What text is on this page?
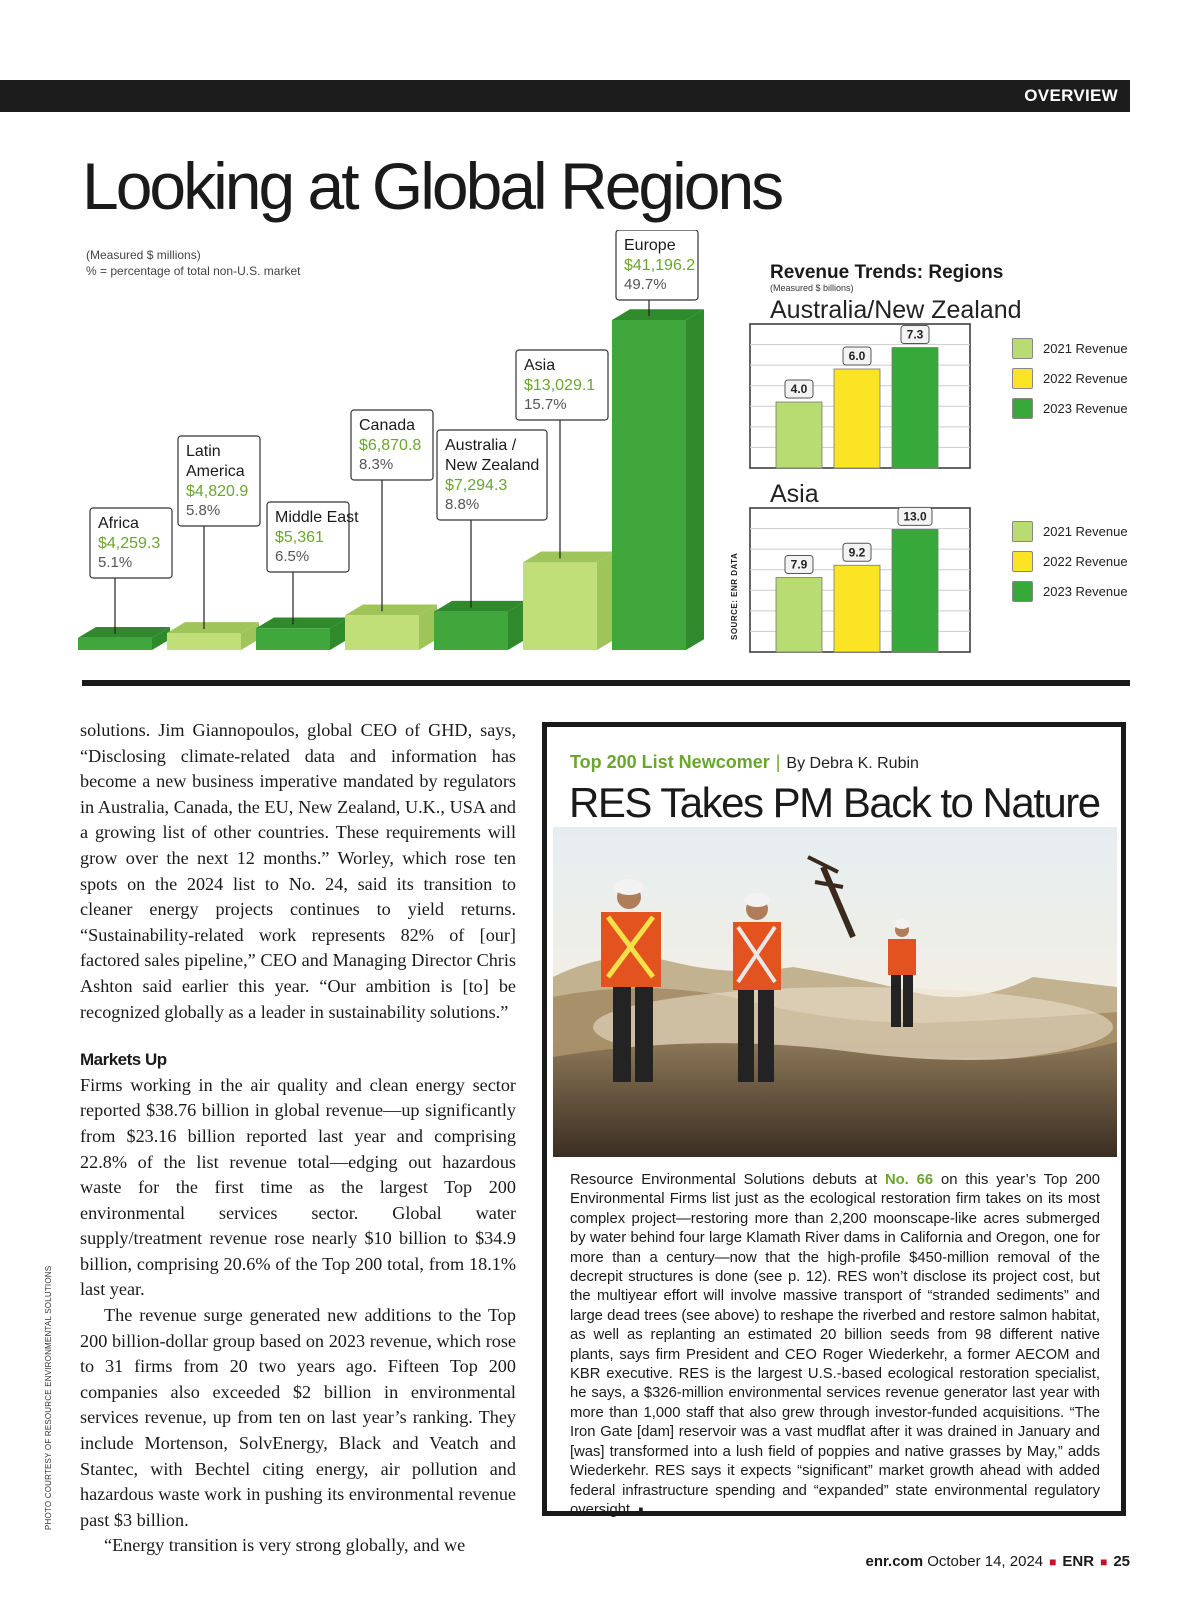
OVERVIEW
Looking at Global Regions
Africa
$4,259.3
5.1%
Latin
America
$4,820.9
5.8%	Middle East
$5,361
6.5%
Canada
$6,870.8
8.3%
Australia /
New Zealand
$7,294.3
8.8%
Asia
$13,029.1
15.7%
Europe
$41,196.2
49.7%
(Measured $ millions)
% = percentage of total non-U.S. market
SOURCE: ENR DATA
Revenue Trends: Regions
(Measured $ billions)
Australia/New Zealand
4.0
6.0
7.3
2021 Revenue
2022 Revenue
2023 Revenue
Asia
7.9
9.2
13.0
2021 Revenue
2022 Revenue
2023 Revenue

solutions. Jim Giannopoulos, global CEO of GHD, says, “Disclosing climate-related data and information has become a new business imperative mandated by regulators in Australia, Canada, the EU, New Zealand, U.K., USA and a growing list of other countries. These requirements will grow over the next 12 months.” Worley, which rose ten spots on the 2024 list to No. 24, said its transition to cleaner energy projects continues to yield returns. “Sustainability-related work represents 82% of [our] factored sales pipeline,” CEO and Managing Director Chris Ashton said earlier this year. “Our ambition is [to] be recognized globally as a leader in sustainability solutions.”

Markets Up

Firms working in the air quality and clean energy sector reported $38.76 billion in global revenue—up significantly from $23.16 billion reported last year and comprising 22.8% of the list revenue total—edging out hazardous waste for the first time as the largest Top 200 environmental services sector. Global water supply/treatment revenue rose nearly $10 billion to $34.9 billion, comprising 20.6% of the Top 200 total, from 18.1% last year.

The revenue surge generated new additions to the Top 200 billion-dollar group based on 2023 revenue, which rose to 31 firms from 20 two years ago. Fifteen Top 200 companies also exceeded $2 billion in environmental services revenue, up from ten on last year’s ranking. They include Mortenson, SolvEnergy, Black and Veatch and Stantec, with Bechtel citing energy, air pollution and hazardous waste work in pushing its environmental revenue past $3 billion.

“Energy transition is very strong globally, and we

PHOTO COURTESY OF RESOURCE ENVIRONMENTAL SOLUTIONS
Top 200 List Newcomer | By Debra K. Rubin
RES Takes PM Back to Nature
Resource Environmental Solutions debuts at No. 66 on this year’s Top 200 Environmental Firms list just as the ecological restoration firm takes on its most complex project—restoring more than 2,200 moonscape-like acres submerged by water behind four large Klamath River dams in California and Oregon, one for more than a century—now that the high-profile $450-million removal of the decrepit structures is done (see p. 12). RES won’t disclose its project cost, but the multiyear effort will involve massive transport of “stranded sediments” and large dead trees (see above) to reshape the riverbed and restore salmon habitat, as well as replanting an estimated 20 billion seeds from 98 different native plants, says firm President and CEO Roger Wiederkehr, a former AECOM and KBR executive. RES is the largest U.S.-based ecological restoration specialist, he says, a $326-million environmental services revenue generator last year with more than 1,000 staff that also grew through investor-funded acquisitions. “The Iron Gate [dam] reservoir was a vast mudflat after it was drained in January and [was] transformed into a lush field of poppies and native grasses by May,” adds Wiederkehr. RES says it expects “significant” market growth ahead with added federal infrastructure spending and “expanded” state environmental regulatory oversight. ▪
enr.com October 14, 2024 ■ ENR ■ 25
